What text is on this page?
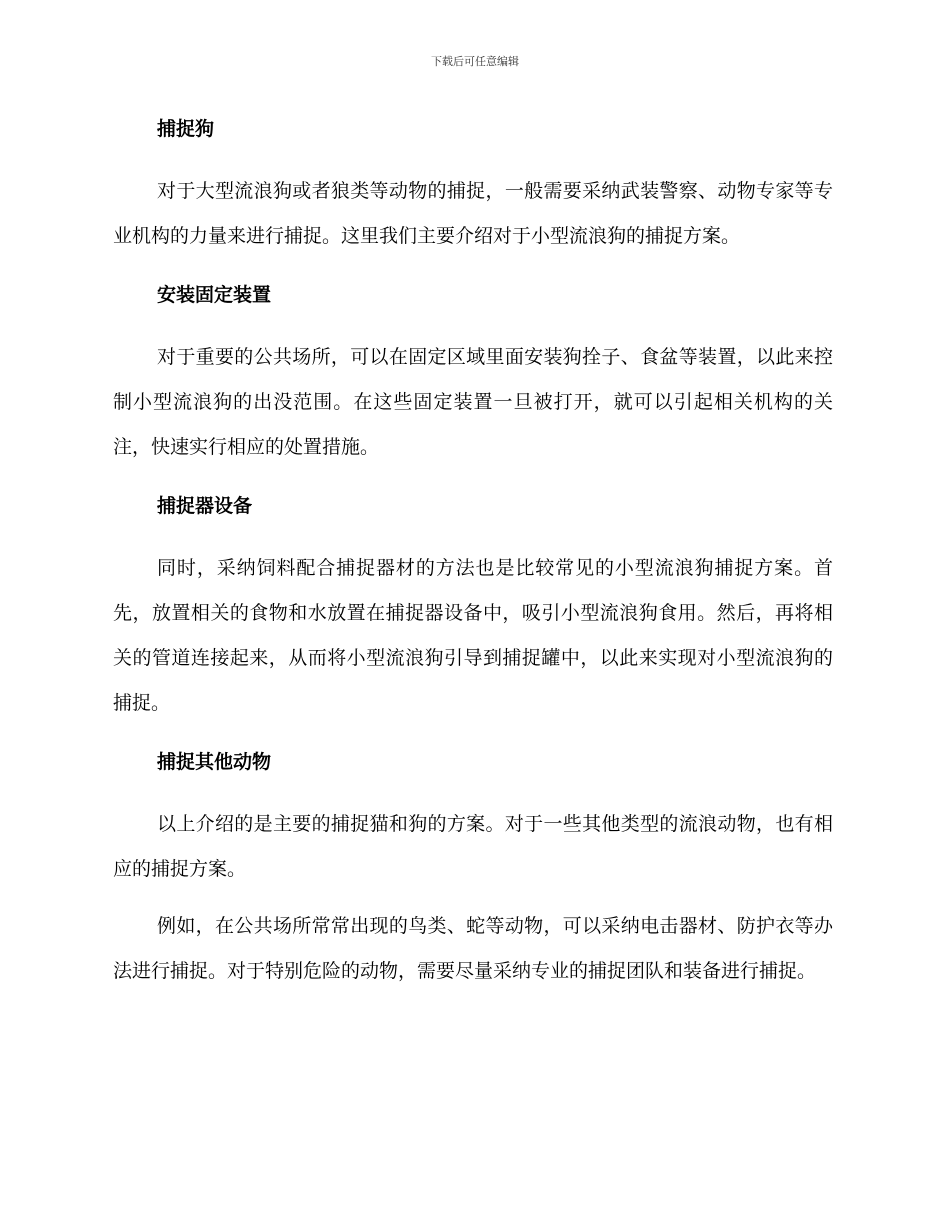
下载后可任意编辑
捕捉狗

对于大型流浪狗或者狼类等动物的捕捉，一般需要采纳武装警察、动物专家等专业机构的力量来进行捕捉。这里我们主要介绍对于小型流浪狗的捕捉方案。

安装固定装置

对于重要的公共场所，可以在固定区域里面安装狗拴子、食盆等装置，以此来控制小型流浪狗的出没范围。在这些固定装置一旦被打开，就可以引起相关机构的关注，快速实行相应的处置措施。

捕捉器设备

同时，采纳饲料配合捕捉器材的方法也是比较常见的小型流浪狗捕捉方案。首先，放置相关的食物和水放置在捕捉器设备中，吸引小型流浪狗食用。然后，再将相关的管道连接起来，从而将小型流浪狗引导到捕捉罐中，以此来实现对小型流浪狗的捕捉。

捕捉其他动物

以上介绍的是主要的捕捉猫和狗的方案。对于一些其他类型的流浪动物，也有相应的捕捉方案。

例如，在公共场所常常出现的鸟类、蛇等动物，可以采纳电击器材、防护衣等办法进行捕捉。对于特别危险的动物，需要尽量采纳专业的捕捉团队和装备进行捕捉。
